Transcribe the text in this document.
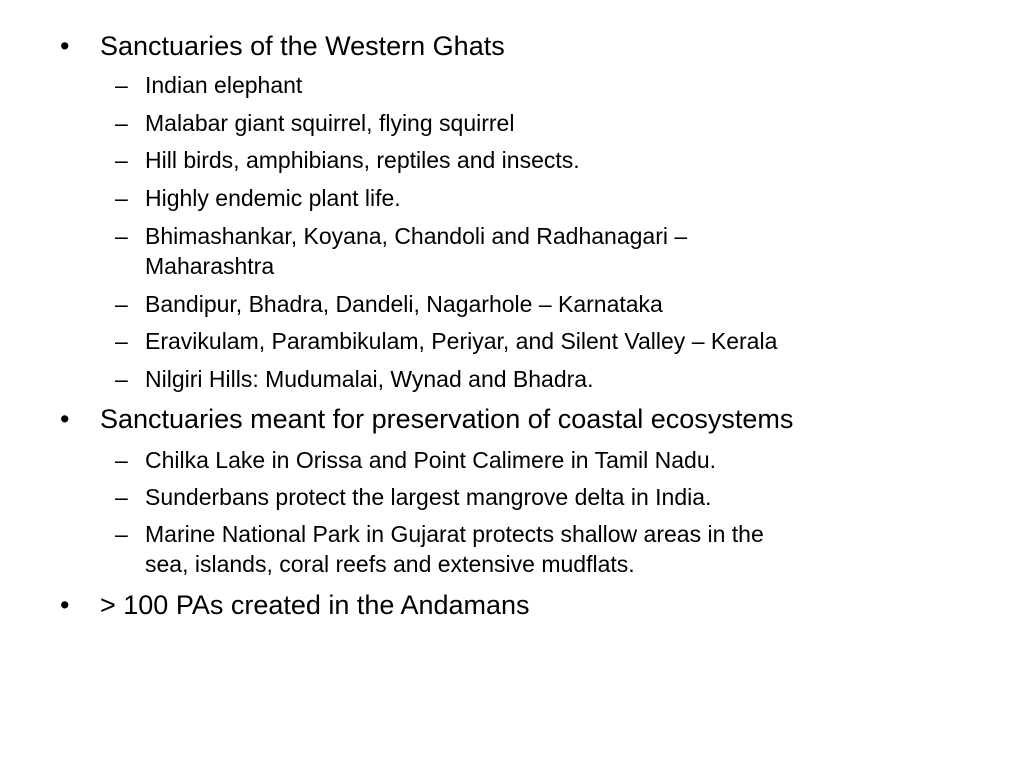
• Sanctuaries of the Western Ghats
– Indian elephant
– Malabar giant squirrel, flying squirrel
– Hill birds, amphibians, reptiles and insects.
– Highly endemic plant life.
– Bhimashankar, Koyana, Chandoli and Radhanagari –
Maharashtra
– Bandipur, Bhadra, Dandeli, Nagarhole – Karnataka
– Eravikulam, Parambikulam, Periyar, and Silent Valley – Kerala
– Nilgiri Hills: Mudumalai, Wynad and Bhadra.
• Sanctuaries meant for preservation of coastal ecosystems
– Chilka Lake in Orissa and Point Calimere in Tamil Nadu.
– Sunderbans protect the largest mangrove delta in India.
– Marine National Park in Gujarat protects shallow areas in the
sea, islands, coral reefs and extensive mudflats.
• > 100 PAs created in the Andamans
